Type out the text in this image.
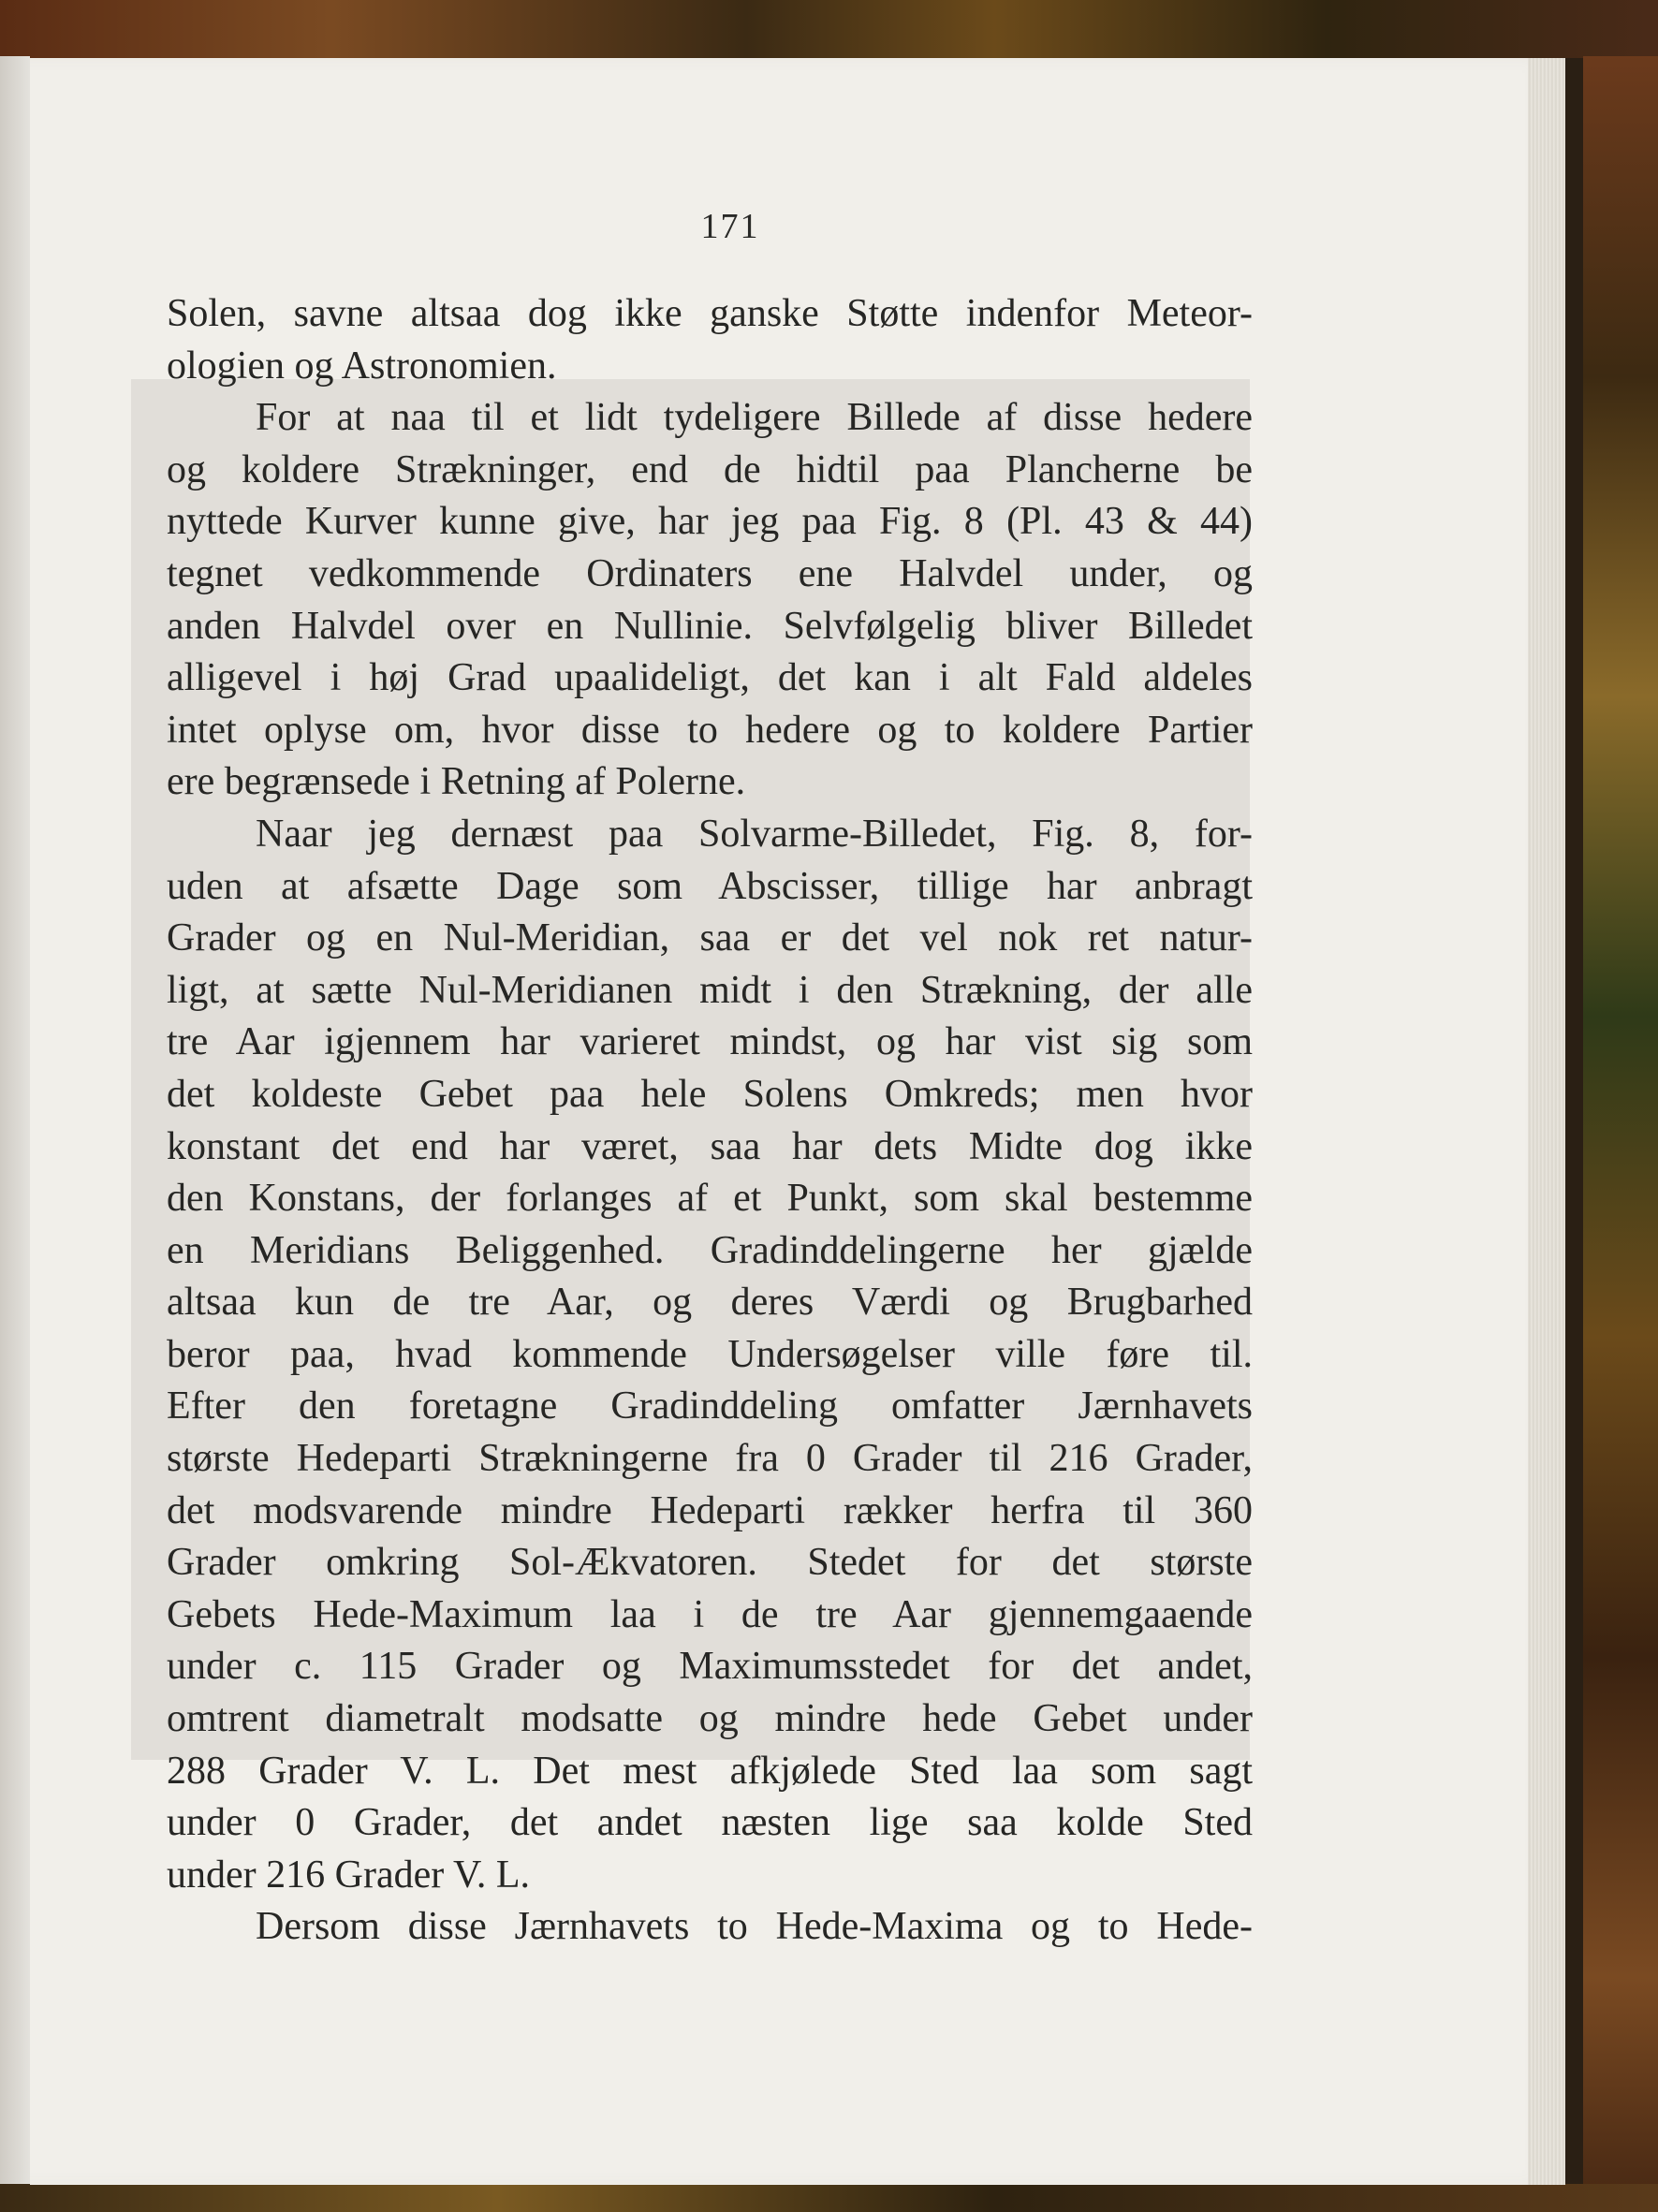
171

Solen, savne altsaa dog ikke ganske Støtte indenfor Meteor-
ologien og Astronomien.

For at naa til et lidt tydeligere Billede af disse hedere
og koldere Strækninger, end de hidtil paa Plancherne be
nyttede Kurver kunne give, har jeg paa Fig. 8 (Pl. 43 & 44)
tegnet vedkommende Ordinaters ene Halvdel under, og
anden Halvdel over en Nullinie. Selvfølgelig bliver Billedet
alligevel i høj Grad upaalideligt, det kan i alt Fald aldeles
intet oplyse om, hvor disse to hedere og to koldere Partier
ere begrænsede i Retning af Polerne.

Naar jeg dernæst paa Solvarme-Billedet, Fig. 8, for-
uden at afsætte Dage som Abscisser, tillige har anbragt
Grader og en Nul-Meridian, saa er det vel nok ret natur-
ligt, at sætte Nul-Meridianen midt i den Strækning, der alle
tre Aar igjennem har varieret mindst, og har vist sig som
det koldeste Gebet paa hele Solens Omkreds; men hvor
konstant det end har været, saa har dets Midte dog ikke
den Konstans, der forlanges af et Punkt, som skal bestemme
en Meridians Beliggenhed. Gradinddelingerne her gjælde
altsaa kun de tre Aar, og deres Værdi og Brugbarhed
beror paa, hvad kommende Undersøgelser ville føre til.
Efter den foretagne Gradinddeling omfatter Jærnhavets
største Hedeparti Strækningerne fra 0 Grader til 216 Grader,
det modsvarende mindre Hedeparti rækker herfra til 360
Grader omkring Sol-Ækvatoren. Stedet for det største
Gebets Hede-Maximum laa i de tre Aar gjennemgaaende
under c. 115 Grader og Maximumsstedet for det andet,
omtrent diametralt modsatte og mindre hede Gebet under
288 Grader V. L. Det mest afkjølede Sted laa som sagt
under 0 Grader, det andet næsten lige saa kolde Sted
under 216 Grader V. L.

Dersom disse Jærnhavets to Hede-Maxima og to Hede-
